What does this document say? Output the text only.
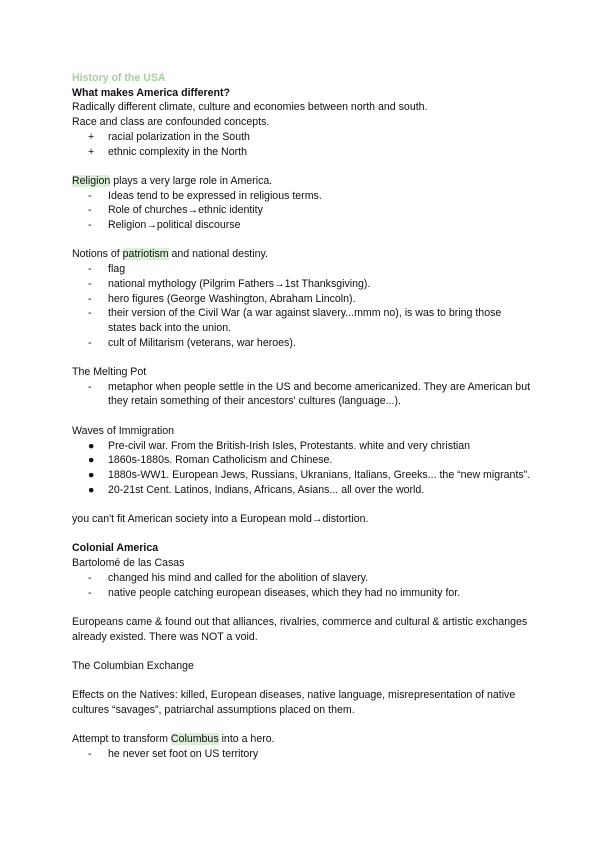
History of the USA
What makes America different?
Radically different climate, culture and economies between north and south.
Race and class are confounded concepts.
+ racial polarization in the South
+ ethnic complexity in the North
Religion plays a very large role in America.
- Ideas tend to be expressed in religious terms.
- Role of churches→ethnic identity
- Religion→political discourse
Notions of patriotism and national destiny.
- flag
- national mythology (Pilgrim Fathers→1st Thanksgiving).
- hero figures (George Washington, Abraham Lincoln).
- their version of the Civil War (a war against slavery...mmm no), is was to bring those states back into the union.
- cult of Militarism (veterans, war heroes).
The Melting Pot
- metaphor when people settle in the US and become americanized. They are American but they retain something of their ancestors' cultures (language...).
Waves of Immigration
● Pre-civil war. From the British-Irish Isles, Protestants. white and very christian
● 1860s-1880s. Roman Catholicism and Chinese.
● 1880s-WW1. European Jews, Russians, Ukranians, Italians, Greeks... the “new migrants”.
● 20-21st Cent. Latinos, Indians, Africans, Asians... all over the world.
you can't fit American society into a European mold→distortion.
Colonial America
Bartolomé de las Casas
- changed his mind and called for the abolition of slavery.
- native people catching european diseases, which they had no immunity for.
Europeans came & found out that alliances, rivalries, commerce and cultural & artistic exchanges already existed. There was NOT a void.
The Columbian Exchange
Effects on the Natives: killed, European diseases, native language, misrepresentation of native cultures “savages”, patriarchal assumptions placed on them.
Attempt to transform Columbus into a hero.
- he never set foot on US territory
